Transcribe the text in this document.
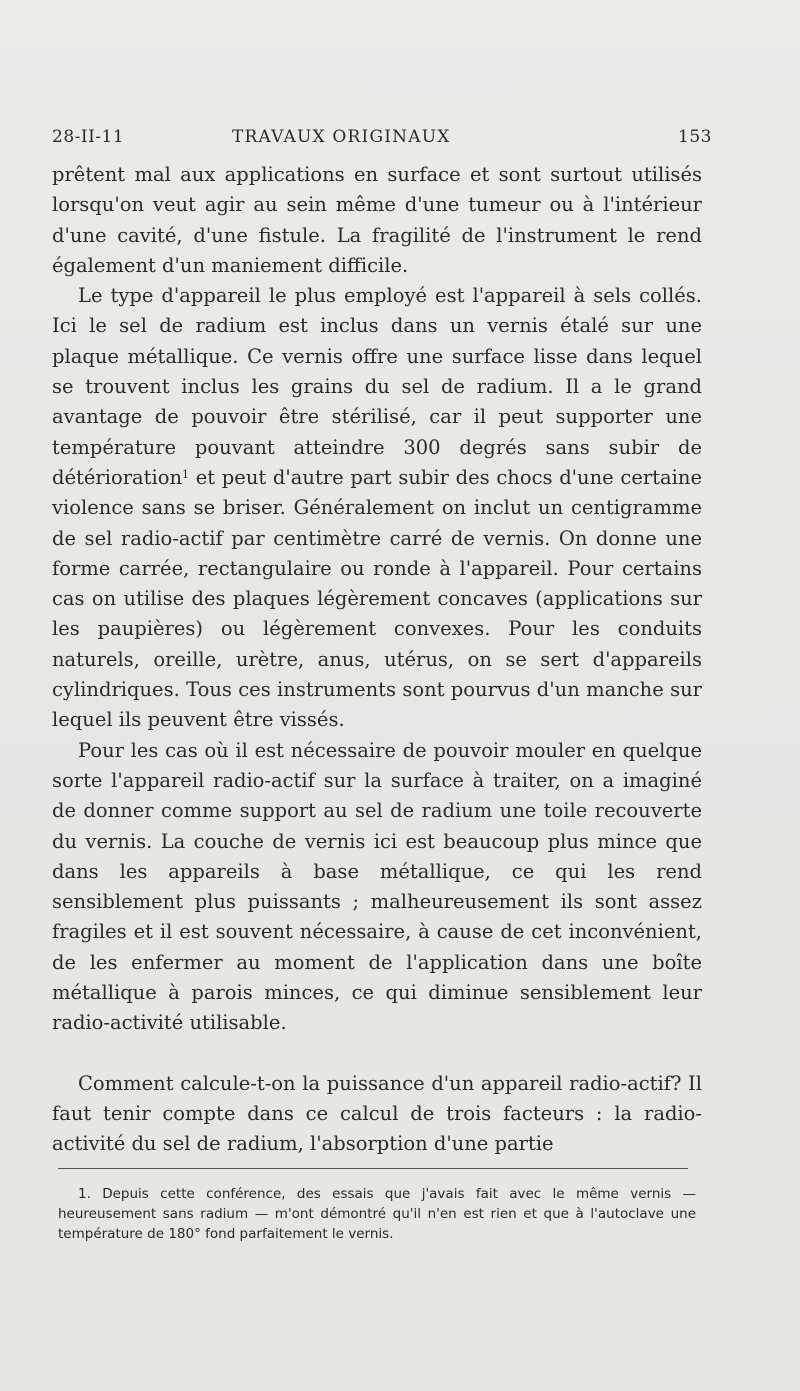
28-II-11	TRAVAUX ORIGINAUX	153

prêtent mal aux applications en surface et sont surtout utilisés lorsqu'on veut agir au sein même d'une tumeur ou à l'intérieur d'une cavité, d'une fistule. La fragilité de l'instrument le rend également d'un maniement difficile.

Le type d'appareil le plus employé est l'appareil à sels collés. Ici le sel de radium est inclus dans un vernis étalé sur une plaque métallique. Ce vernis offre une surface lisse dans lequel se trouvent inclus les grains du sel de radium. Il a le grand avantage de pouvoir être stérilisé, car il peut supporter une température pouvant atteindre 300 degrés sans subir de détérioration$^1$ et peut d'autre part subir des chocs d'une certaine violence sans se briser. Généralement on inclut un centigramme de sel radio-actif par centimètre carré de vernis. On donne une forme carrée, rectangulaire ou ronde à l'appareil. Pour certains cas on utilise des plaques légèrement concaves (applications sur les paupières) ou légèrement convexes. Pour les conduits naturels, oreille, urètre, anus, utérus, on se sert d'appareils cylindriques. Tous ces instruments sont pourvus d'un manche sur lequel ils peuvent être vissés.

Pour les cas où il est nécessaire de pouvoir mouler en quelque sorte l'appareil radio-actif sur la surface à traiter, on a imaginé de donner comme support au sel de radium une toile recouverte du vernis. La couche de vernis ici est beaucoup plus mince que dans les appareils à base métallique, ce qui les rend sensiblement plus puissants ; malheureusement ils sont assez fragiles et il est souvent nécessaire, à cause de cet inconvénient, de les enfermer au moment de l'application dans une boîte métallique à parois minces, ce qui diminue sensiblement leur radio-activité utilisable.

Comment calcule-t-on la puissance d'un appareil radio-actif? Il faut tenir compte dans ce calcul de trois facteurs : la radio-activité du sel de radium, l'absorption d'une partie

1. Depuis cette conférence, des essais que j'avais fait avec le même vernis — heureusement sans radium — m'ont démontré qu'il n'en est rien et que à l'autoclave une température de 180° fond parfaitement le vernis.
